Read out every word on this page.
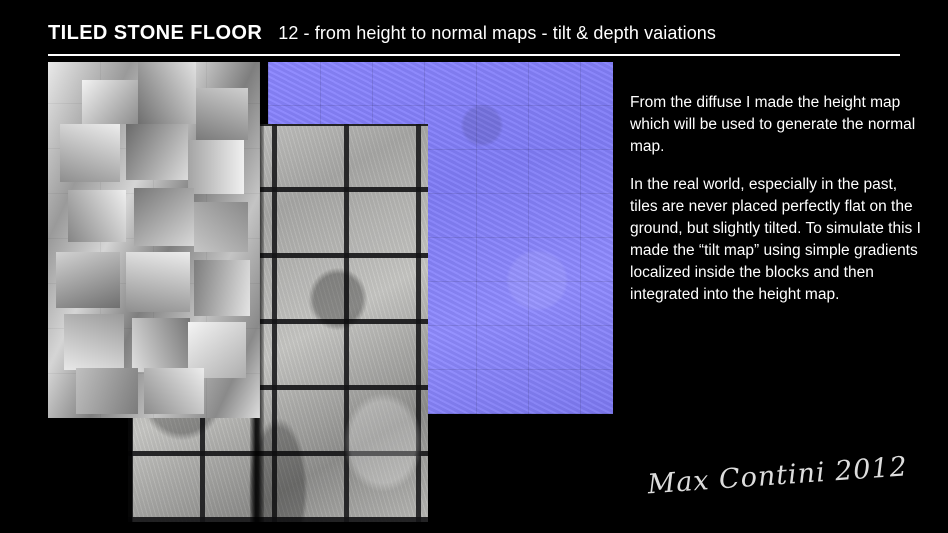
TILED STONE FLOOR 12 - from height to normal maps - tilt & depth vaiations

From the diffuse I made the height map which will be used to generate the normal map.

In the real world, especially in the past, tiles are never placed perfectly flat on the ground, but slightly tilted. To simulate this I made the “tilt map” using simple gradients localized inside the blocks and then integrated into the height map.

Max Contini 2012
